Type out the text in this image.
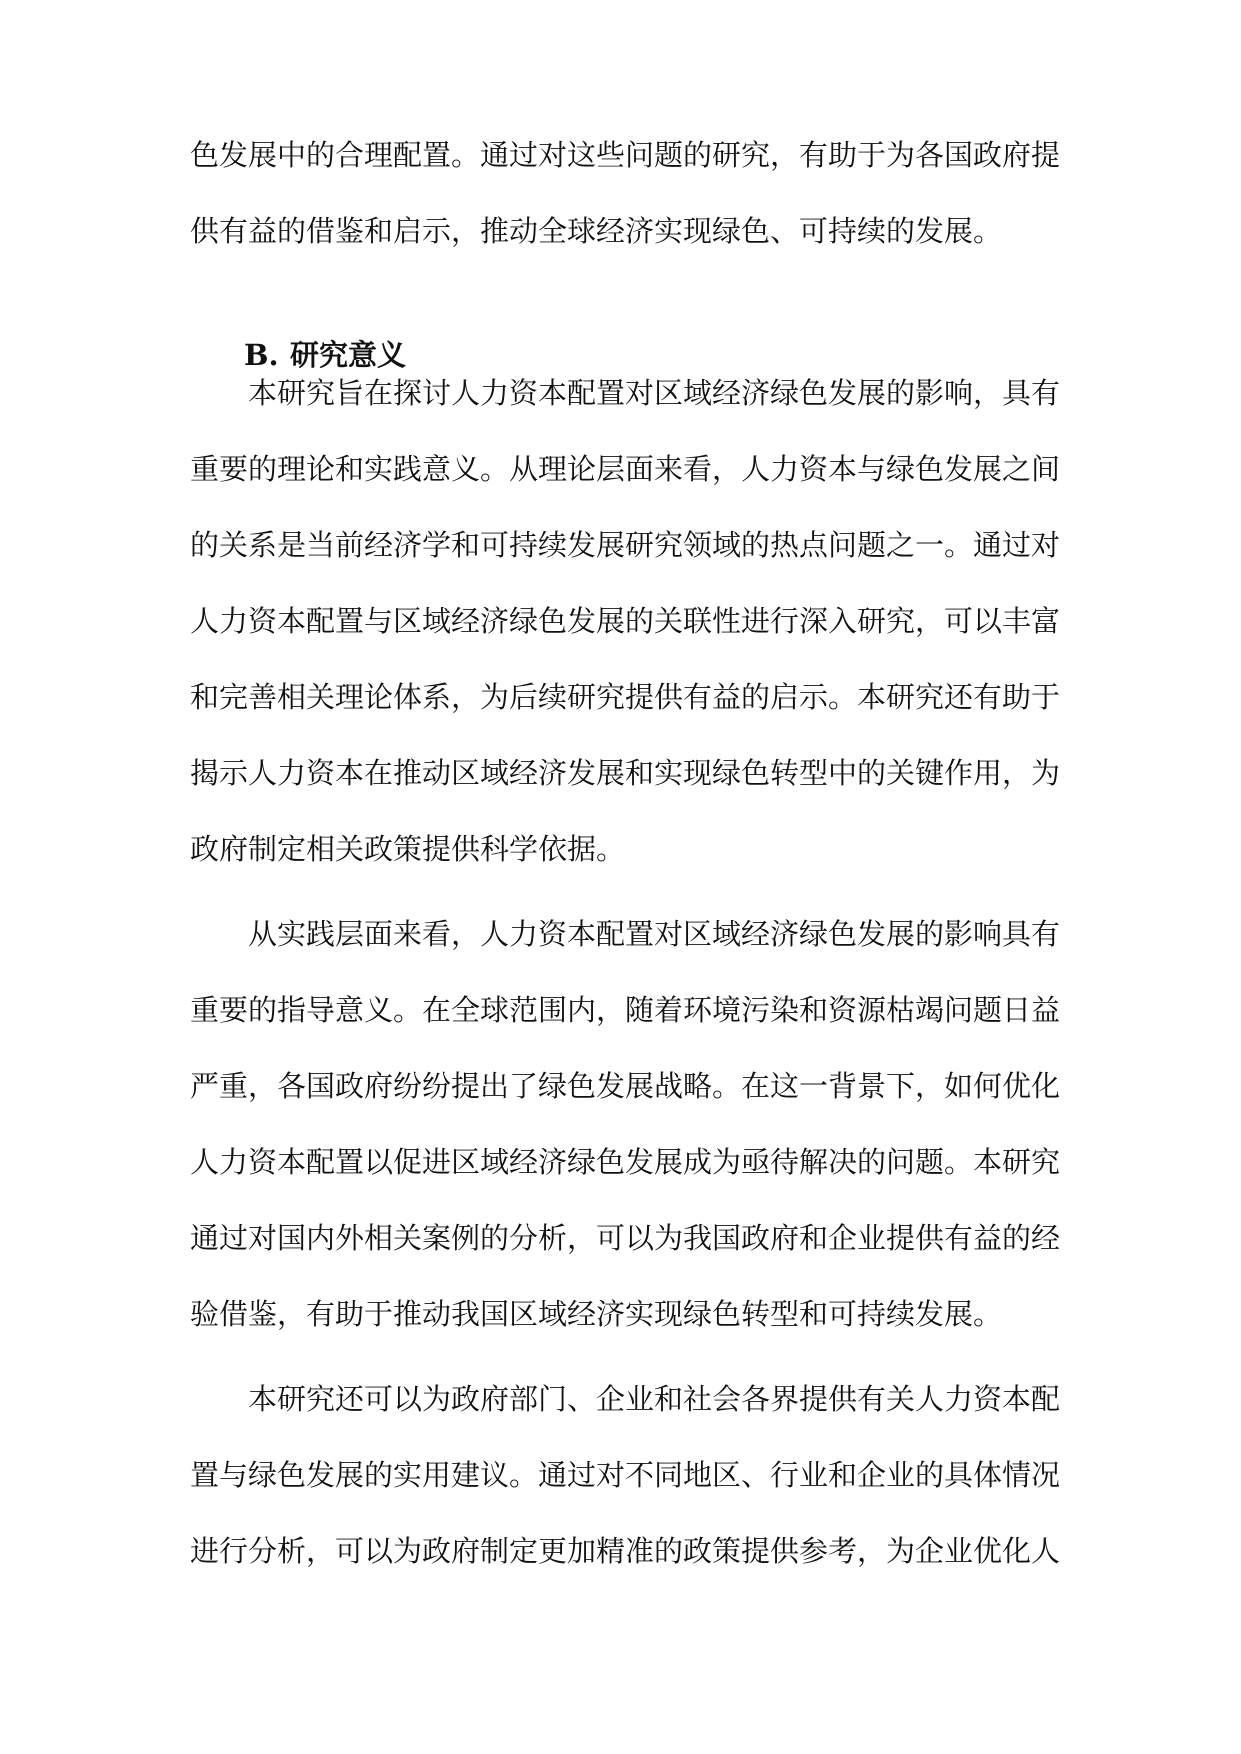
色发展中的合理配置。通过对这些问题的研究，有助于为各国政府提
供有益的借鉴和启示，推动全球经济实现绿色、可持续的发展。
B. 研究意义
本研究旨在探讨人力资本配置对区域经济绿色发展的影响，具有
重要的理论和实践意义。从理论层面来看，人力资本与绿色发展之间
的关系是当前经济学和可持续发展研究领域的热点问题之一。通过对
人力资本配置与区域经济绿色发展的关联性进行深入研究，可以丰富
和完善相关理论体系，为后续研究提供有益的启示。本研究还有助于
揭示人力资本在推动区域经济发展和实现绿色转型中的关键作用，为
政府制定相关政策提供科学依据。
从实践层面来看，人力资本配置对区域经济绿色发展的影响具有
重要的指导意义。在全球范围内，随着环境污染和资源枯竭问题日益
严重，各国政府纷纷提出了绿色发展战略。在这一背景下，如何优化
人力资本配置以促进区域经济绿色发展成为亟待解决的问题。本研究
通过对国内外相关案例的分析，可以为我国政府和企业提供有益的经
验借鉴，有助于推动我国区域经济实现绿色转型和可持续发展。
本研究还可以为政府部门、企业和社会各界提供有关人力资本配
置与绿色发展的实用建议。通过对不同地区、行业和企业的具体情况
进行分析，可以为政府制定更加精准的政策提供参考，为企业优化人
